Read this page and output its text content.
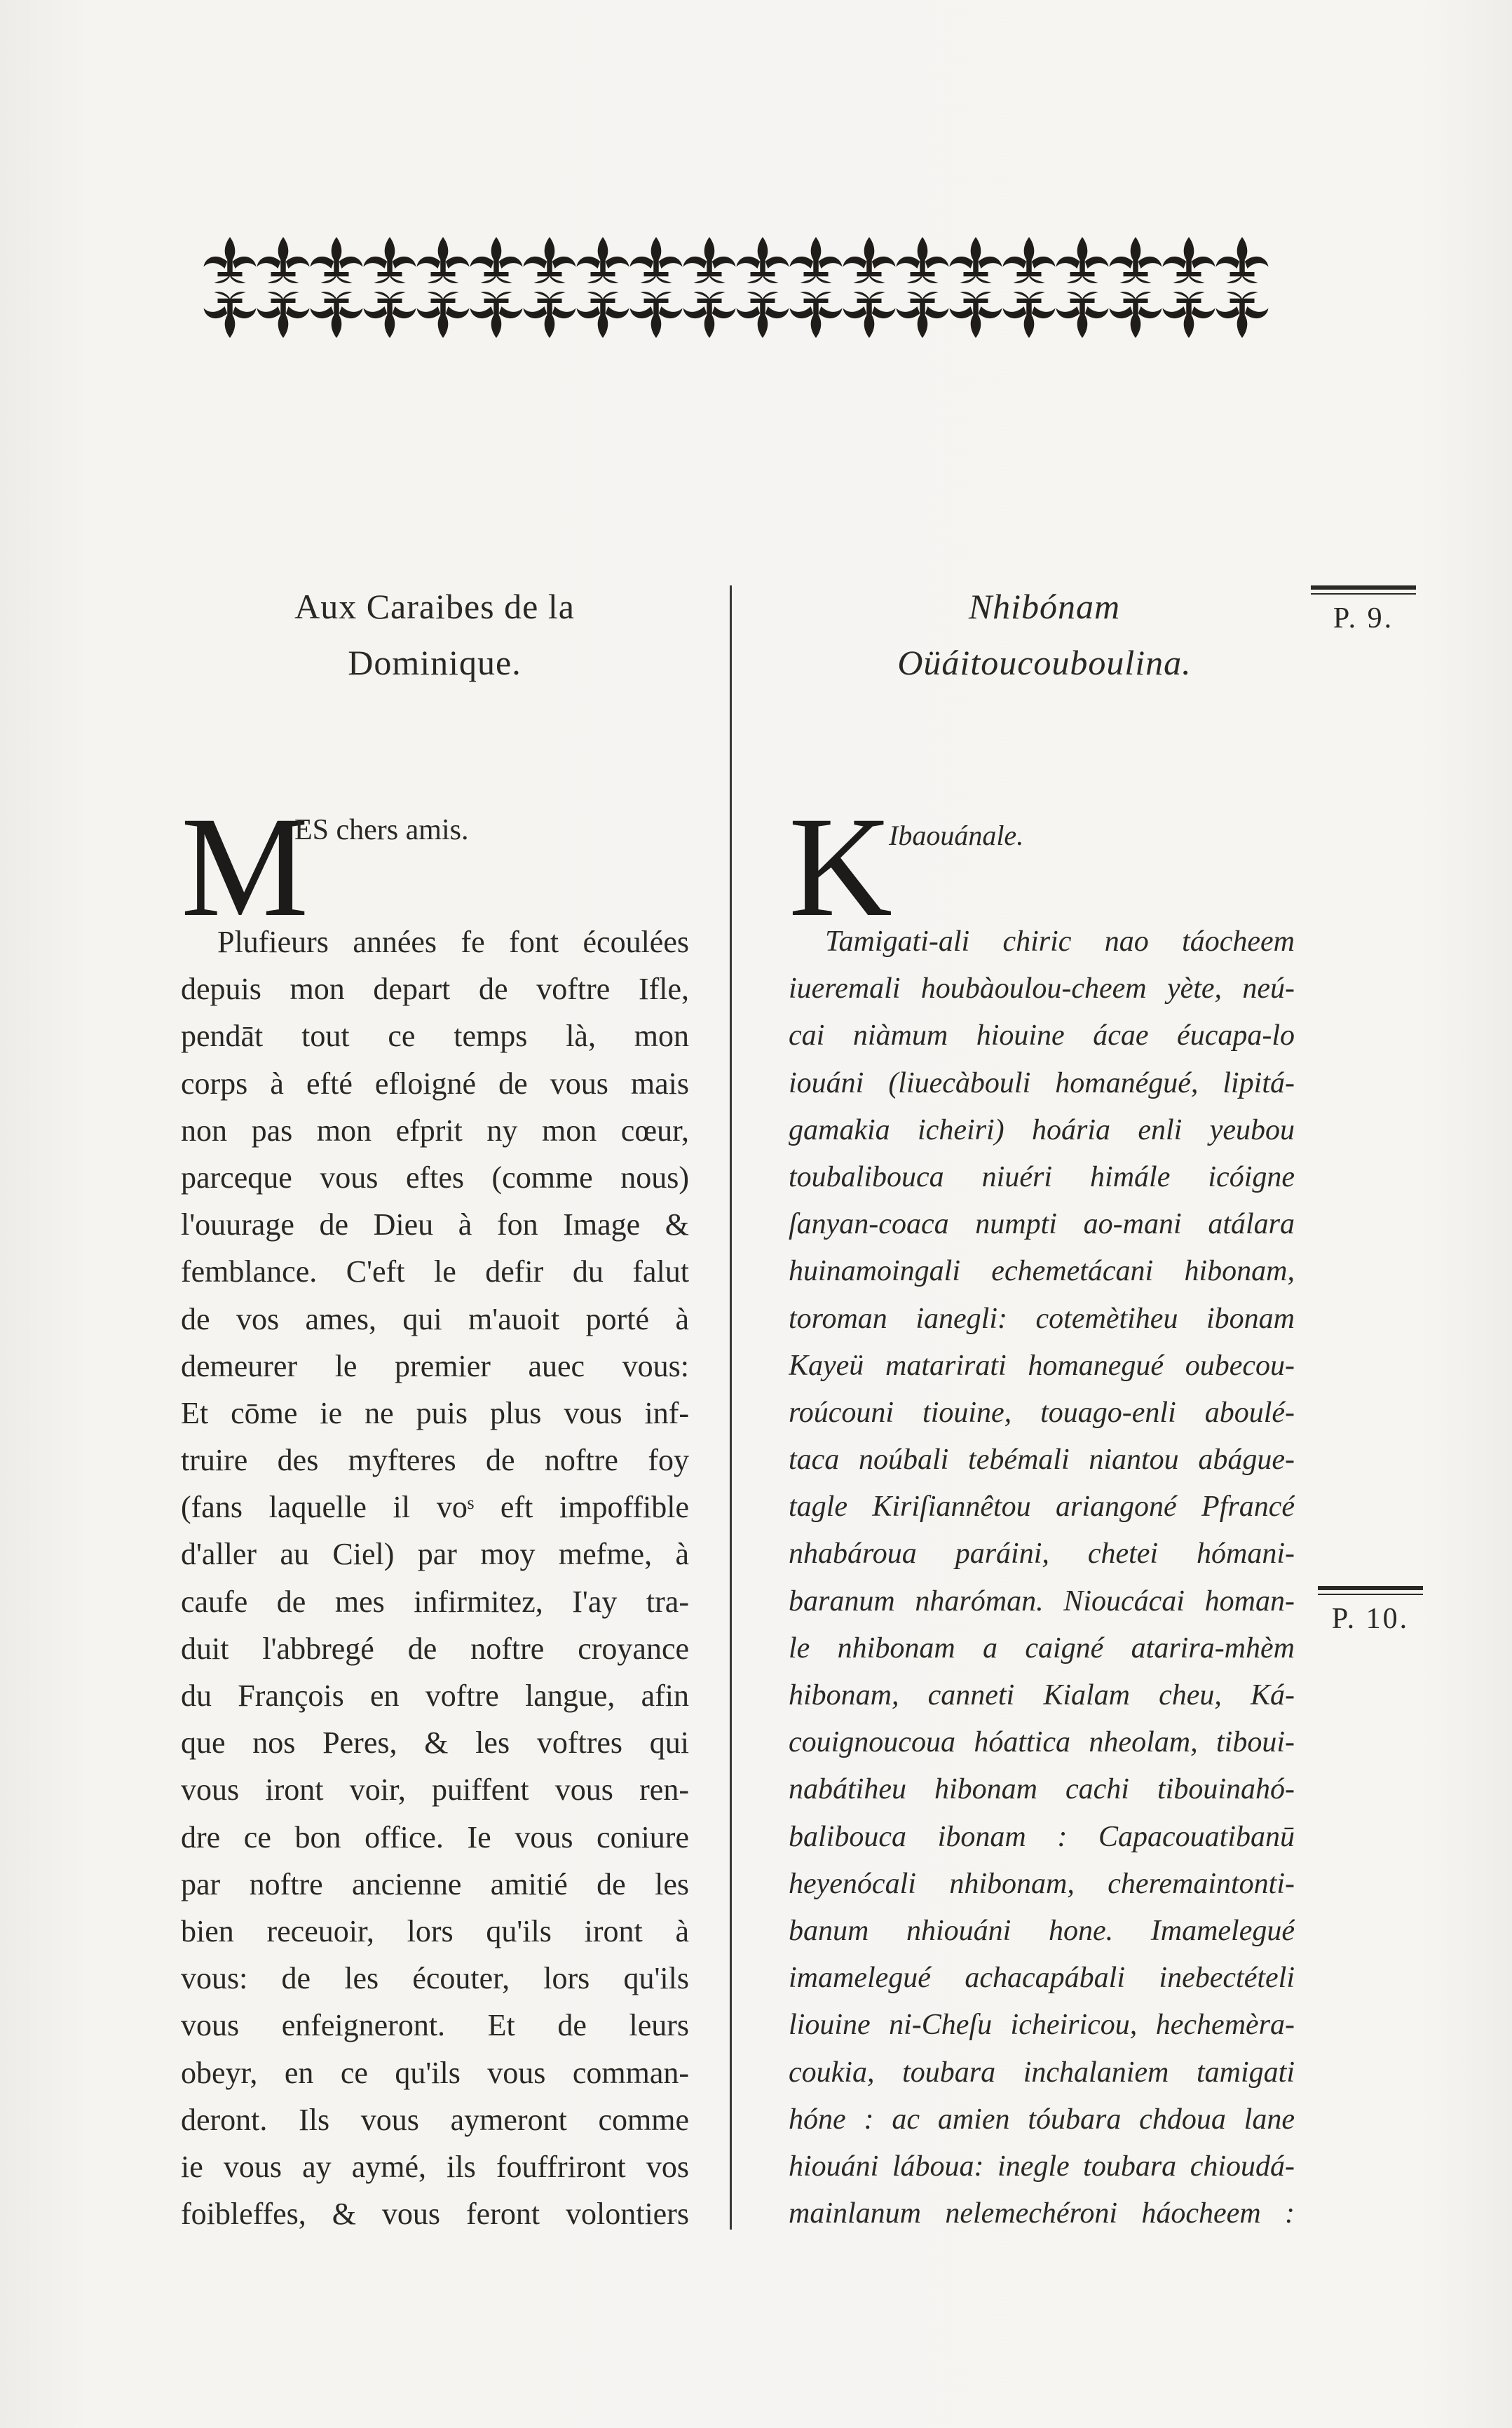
Aux Caraibes de la
Dominique.
Nhibónam
Oüáitoucouboulina.
M
ES chers amis. K
Ibaouánale.
Plufieurs années fe font écoulées
depuis mon depart de voftre Ifle,
pendāt tout ce temps là, mon
corps à efté efloigné de vous mais
non pas mon efprit ny mon cœur,
parceque vous eftes (comme nous)
l'ouurage de Dieu à fon Image &
femblance. C'eft le defir du falut
de vos ames, qui m'auoit porté à
demeurer le premier auec vous:
Et cōme ie ne puis plus vous inf-
truire des myfteres de noftre foy
(fans laquelle il voˢ eft impoffible
d'aller au Ciel) par moy mefme, à
caufe de mes infirmitez, I'ay tra-
duit l'abbregé de noftre croyance
du François en voftre langue, afin
que nos Peres, & les voftres qui
vous iront voir, puiffent vous ren-
dre ce bon office. Ie vous coniure
par noftre ancienne amitié de les
bien receuoir, lors qu'ils iront à
vous: de les écouter, lors qu'ils
vous enfeigneront. Et de leurs
obeyr, en ce qu'ils vous comman-
deront. Ils vous aymeront comme
ie vous ay aymé, ils fouffriront vos
foibleffes, & vous feront volontiers
Tamigati-ali chiric nao táocheem
iueremali houbàoulou-cheem yète, neú-
cai niàmum hiouine ácae éucapa-lo
iouáni (liuecàbouli homanégué, lipitá-
gamakia icheiri) hoária enli yeubou
toubalibouca niuéri himále icóigne
ſanyan-coaca numpti ao-mani atálara
huinamoingali echemetácani hibonam,
toroman ianegli: cotemètiheu ibonam
Kayeü matarirati homanegué oubecou-
roúcouni tiouine, touago-enli aboulé-
taca noúbali tebémali niantou abágue-
tagle Kiriſiannêtou ariangoné Pfrancé
nhabároua paráini, chetei hómani-
baranum nharóman. Nioucácai homan-
le nhibonam a caigné atarira-mhèm
hibonam, canneti Kialam cheu, Ká-
couignoucoua hóattica nheolam, tiboui-
nabátiheu hibonam cachi tibouinahó-
balibouca ibonam : Capacouatibanū
heyenócali nhibonam, cheremaintonti-
banum nhiouáni hone. Imamelegué
imamelegué achacapábali inebectételi
liouine ni-Cheſu icheiricou, hechemèra-
coukia, toubara inchalaniem tamigati
hóne : ac amien tóubara chdoua lane
hiouáni láboua: inegle toubara chioudá-
mainlanum nelemechéroni háocheem :
P. 9.
P. 10.
